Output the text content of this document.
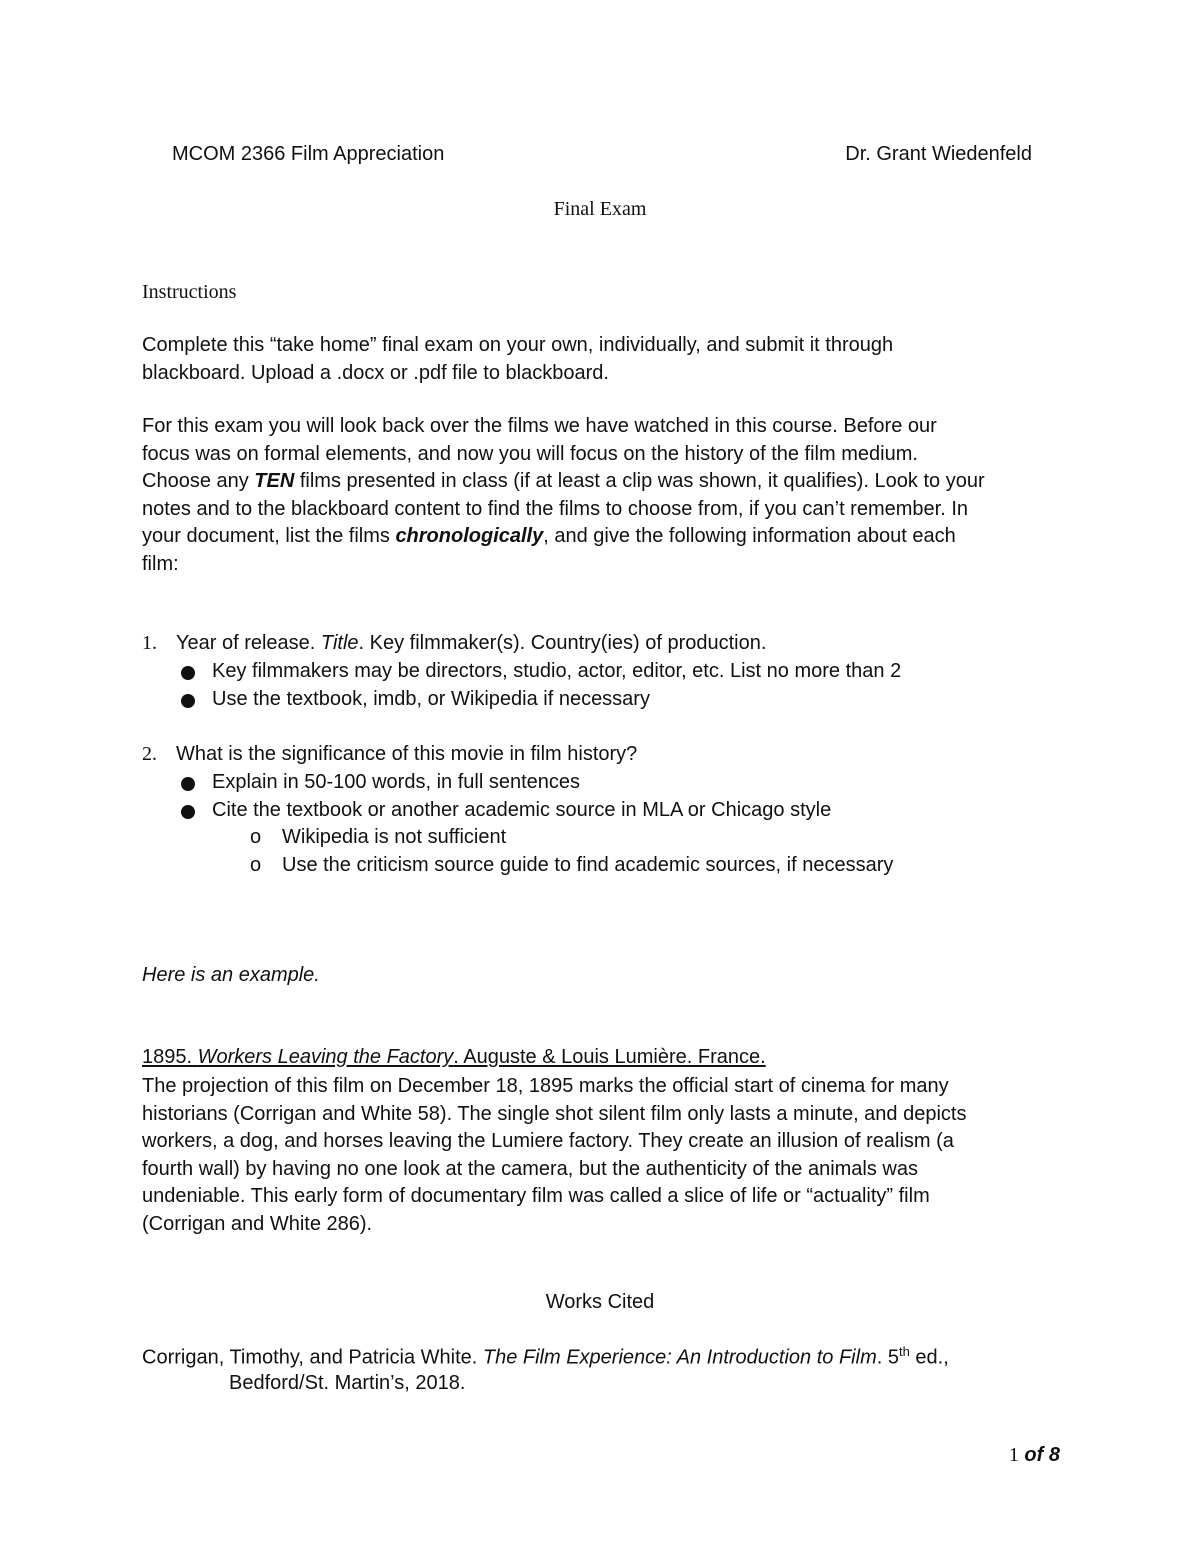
MCOM 2366 Film Appreciation	Dr. Grant Wiedenfeld
Final Exam
Instructions
Complete this “take home” final exam on your own, individually, and submit it through
blackboard. Upload a .docx or .pdf file to blackboard.
For this exam you will look back over the films we have watched in this course. Before our
focus was on formal elements, and now you will focus on the history of the film medium.
Choose any TEN films presented in class (if at least a clip was shown, it qualifies). Look to your
notes and to the blackboard content to find the films to choose from, if you can’t remember. In
your document, list the films chronologically, and give the following information about each
film:
1. Year of release. Title. Key filmmaker(s). Country(ies) of production.
Key filmmakers may be directors, studio, actor, editor, etc. List no more than 2
Use the textbook, imdb, or Wikipedia if necessary
2. What is the significance of this movie in film history?
Explain in 50-100 words, in full sentences
Cite the textbook or another academic source in MLA or Chicago style
o Wikipedia is not sufficient
o Use the criticism source guide to find academic sources, if necessary
Here is an example.
1895. Workers Leaving the Factory. Auguste & Louis Lumière. France.
The projection of this film on December 18, 1895 marks the official start of cinema for many
historians (Corrigan and White 58). The single shot silent film only lasts a minute, and depicts
workers, a dog, and horses leaving the Lumiere factory. They create an illusion of realism (a
fourth wall) by having no one look at the camera, but the authenticity of the animals was
undeniable. This early form of documentary film was called a slice of life or “actuality” film
(Corrigan and White 286).
Works Cited
Corrigan, Timothy, and Patricia White. The Film Experience: An Introduction to Film. 5th ed.,
Bedford/St. Martin’s, 2018.
1 of 8
